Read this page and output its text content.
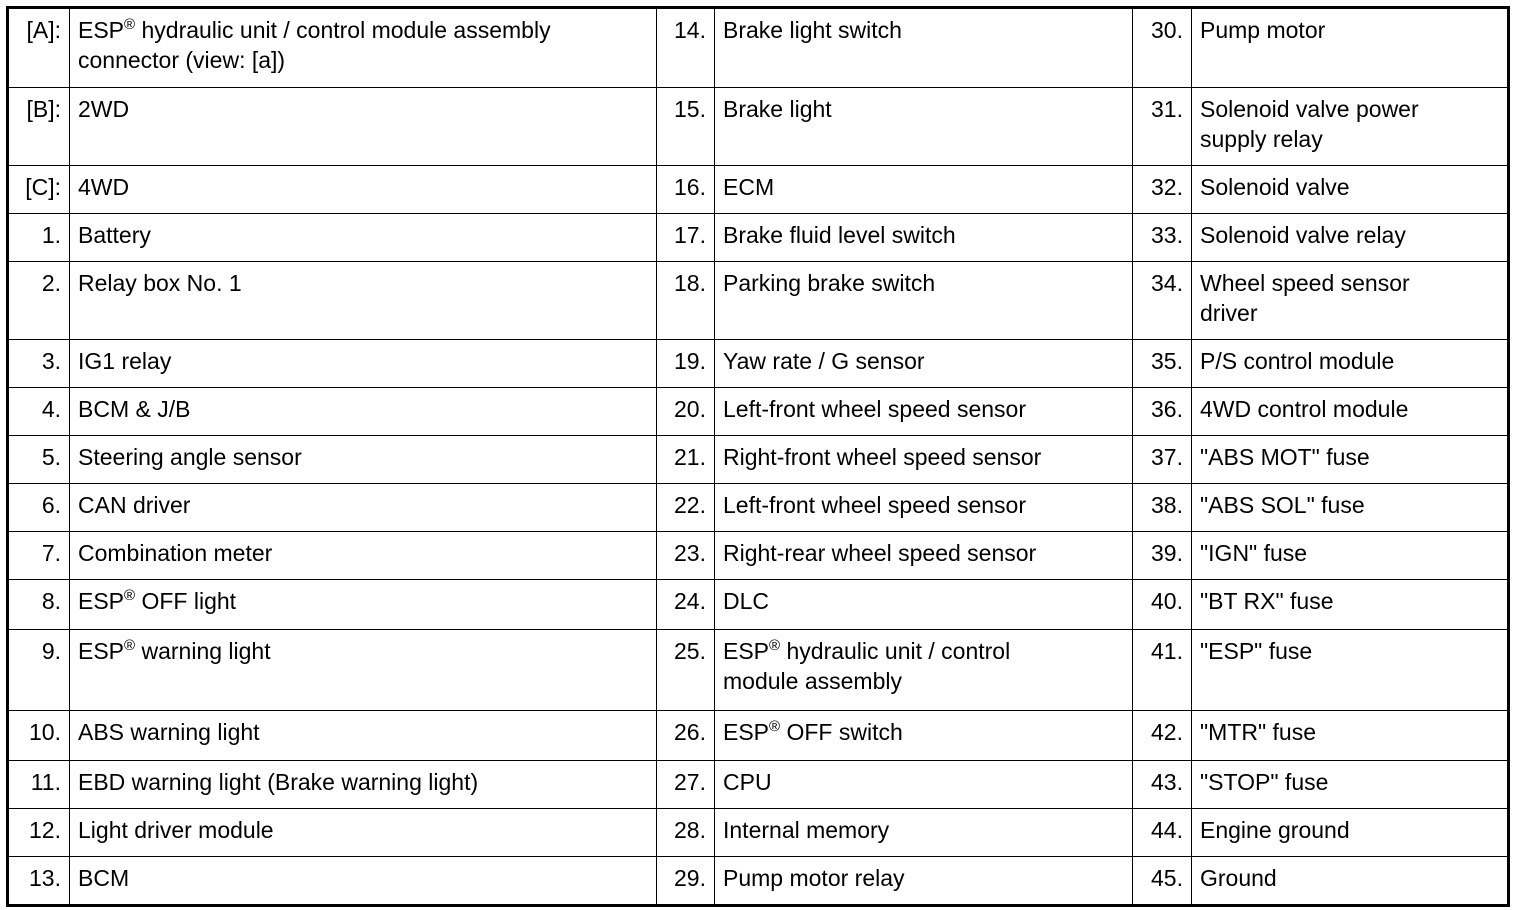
[A]:	ESP® hydraulic unit / control module assembly
connector (view: [a])	14.	Brake light switch	30.	Pump motor
[B]:	2WD	15.	Brake light	31.	Solenoid valve power
supply relay
[C]:	4WD	16.	ECM	32.	Solenoid valve
1.	Battery	17.	Brake fluid level switch	33.	Solenoid valve relay
2.	Relay box No. 1	18.	Parking brake switch	34.	Wheel speed sensor
driver
3.	IG1 relay	19.	Yaw rate / G sensor	35.	P/S control module
4.	BCM & J/B	20.	Left-front wheel speed sensor	36.	4WD control module
5.	Steering angle sensor	21.	Right-front wheel speed sensor	37.	"ABS MOT" fuse
6.	CAN driver	22.	Left-front wheel speed sensor	38.	"ABS SOL" fuse
7.	Combination meter	23.	Right-rear wheel speed sensor	39.	"IGN" fuse
8.	ESP® OFF light	24.	DLC	40.	"BT RX" fuse
9.	ESP® warning light	25.	ESP® hydraulic unit / control
module assembly	41.	"ESP" fuse
10.	ABS warning light	26.	ESP® OFF switch	42.	"MTR" fuse
11.	EBD warning light (Brake warning light)	27.	CPU	43.	"STOP" fuse
12.	Light driver module	28.	Internal memory	44.	Engine ground
13.	BCM	29.	Pump motor relay	45.	Ground
